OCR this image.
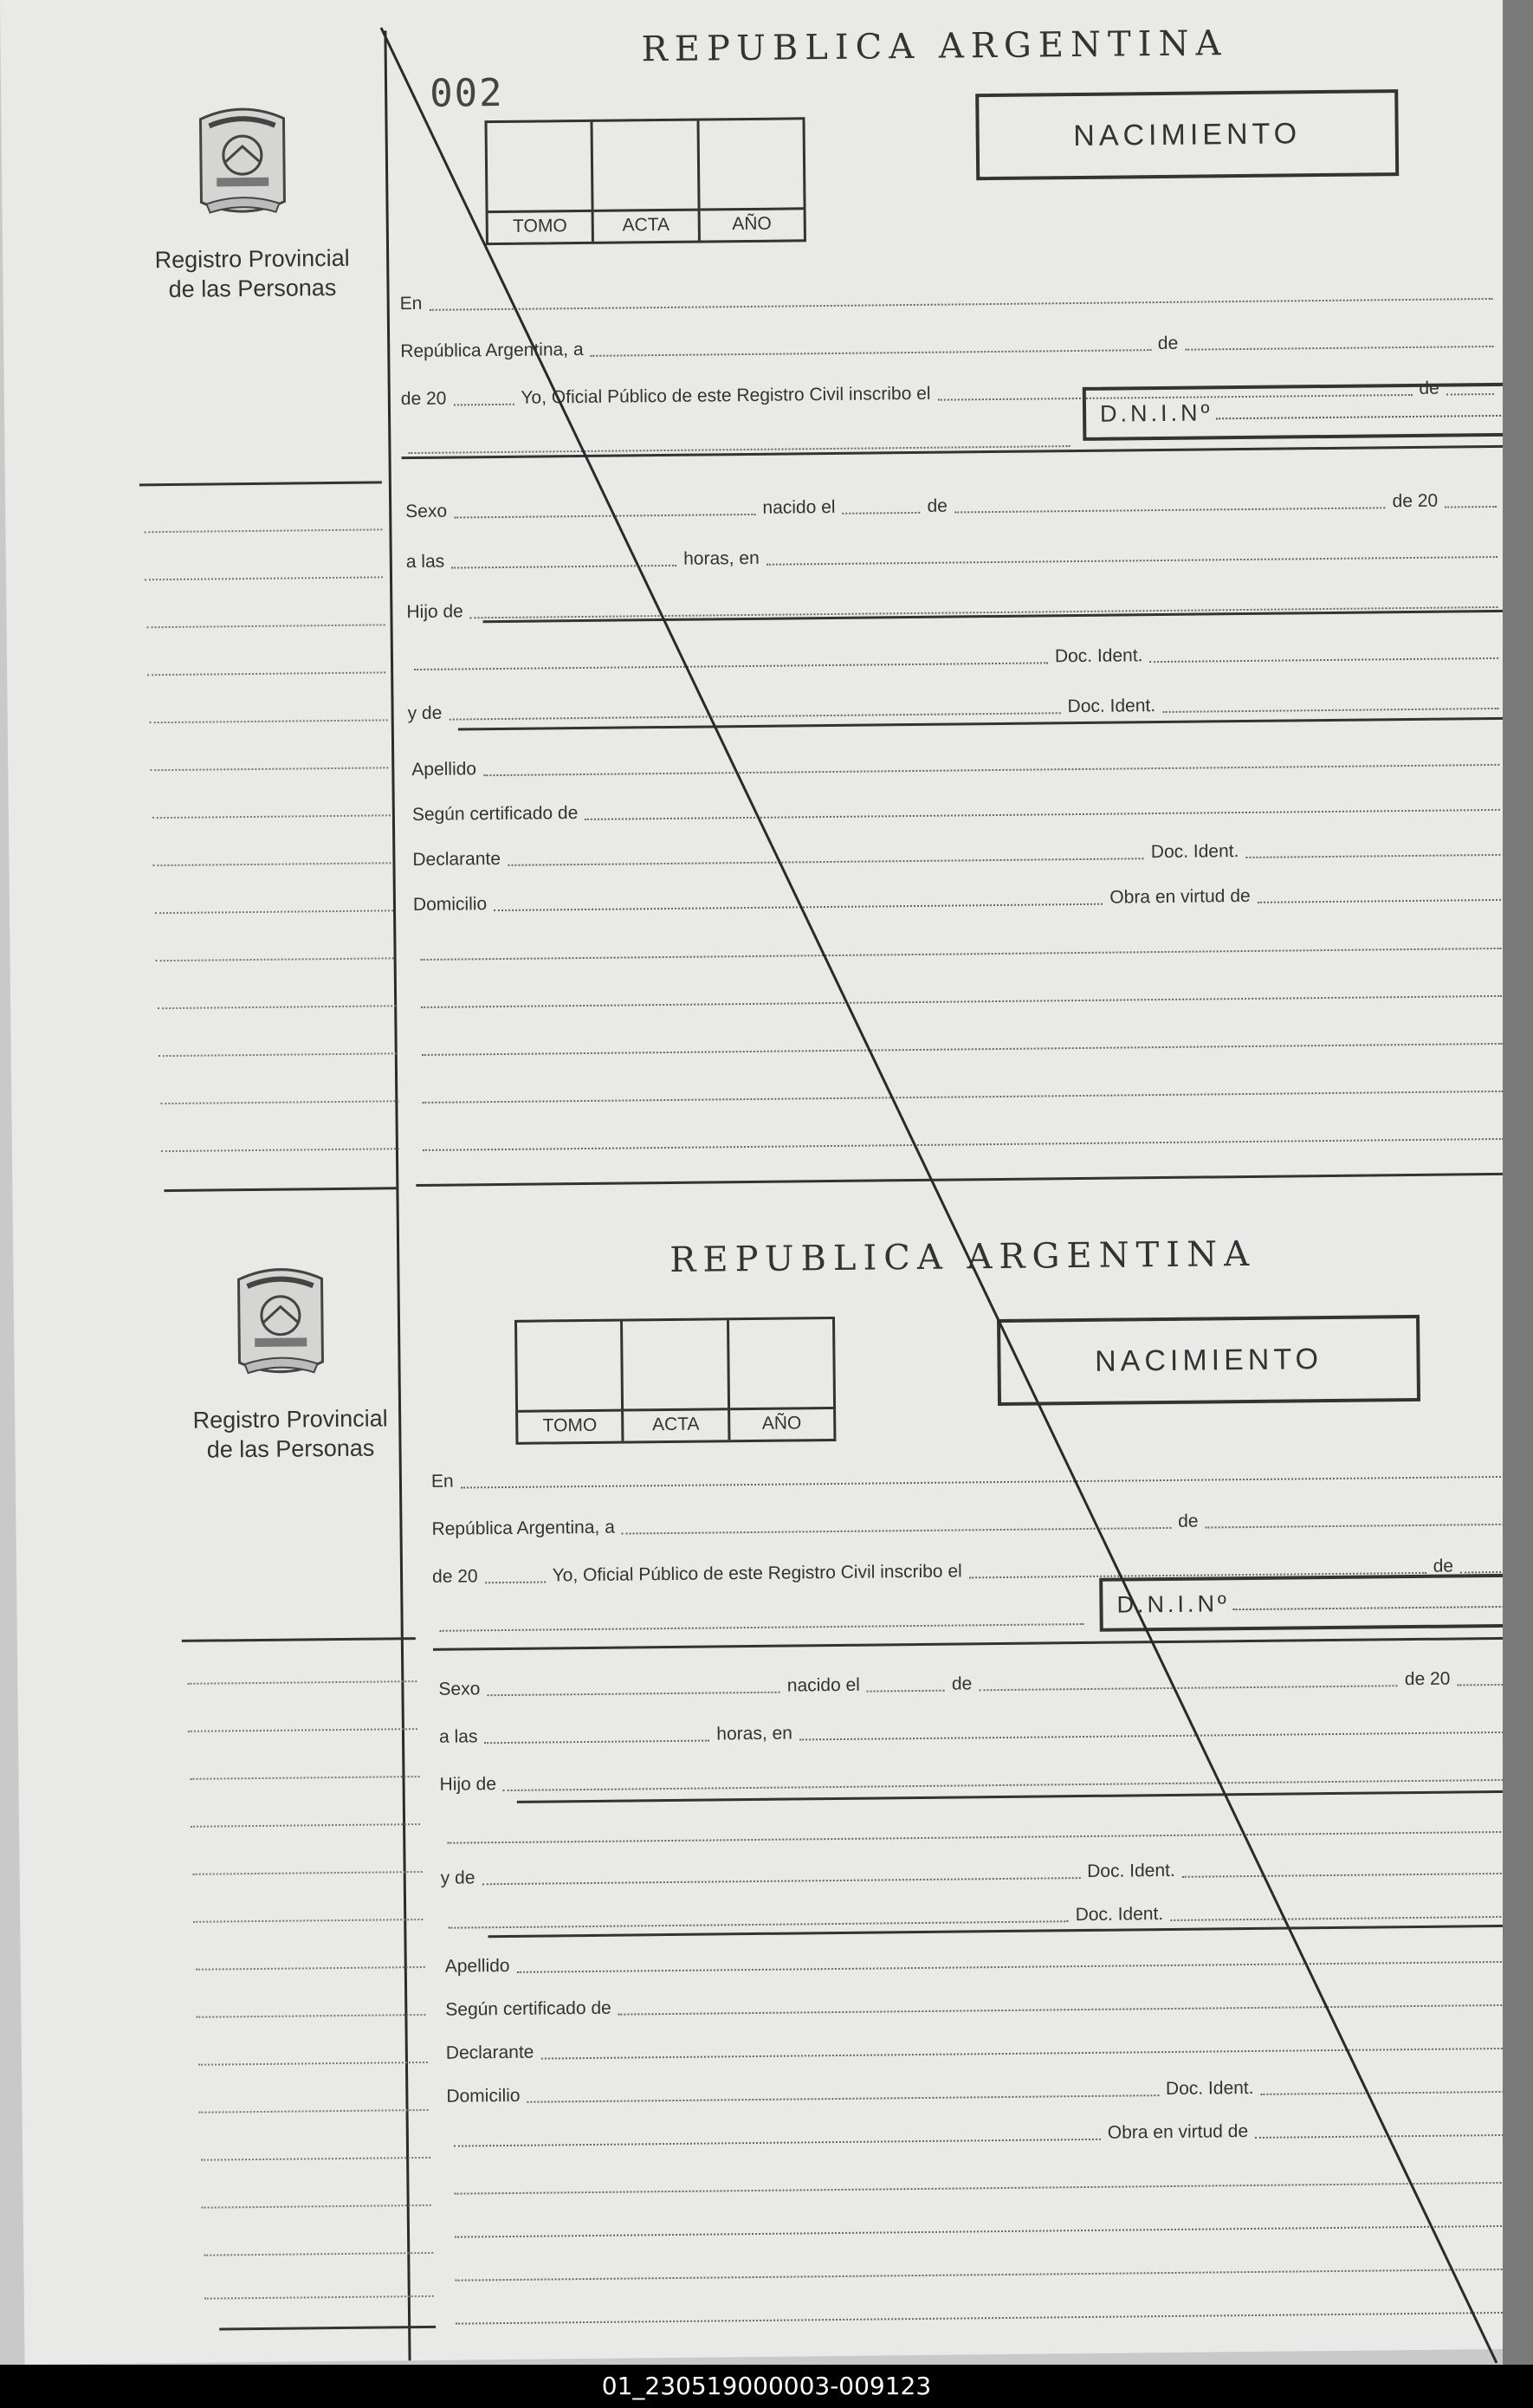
002
Registro Provincial de las Personas
REPUBLICA ARGENTINA
TOMO	ACTA	AÑO
NACIMIENTO
En
República Argentina, a	de
de 20	Yo, Oficial Público de este Registro Civil inscribo el	de
D.N.I.Nº
Sexo	nacido el	de	de 20
a las	horas, en
Hijo de
Doc. Ident.
y de	Doc. Ident.
Apellido
Según certificado de
Declarante	Doc. Ident.
Domicilio	Obra en virtud de
Registro Provincial de las Personas
REPUBLICA ARGENTINA
TOMO	ACTA	AÑO
NACIMIENTO
En
República Argentina, a	de
de 20	Yo, Oficial Público de este Registro Civil inscribo el	de
D.N.I.Nº
Sexo	nacido el	de	de 20
a las	horas, en
Hijo de
y de	Doc. Ident.
Doc. Ident.
Apellido
Según certificado de
Declarante
Domicilio	Doc. Ident.
Obra en virtud de
01_230519000003-009123
